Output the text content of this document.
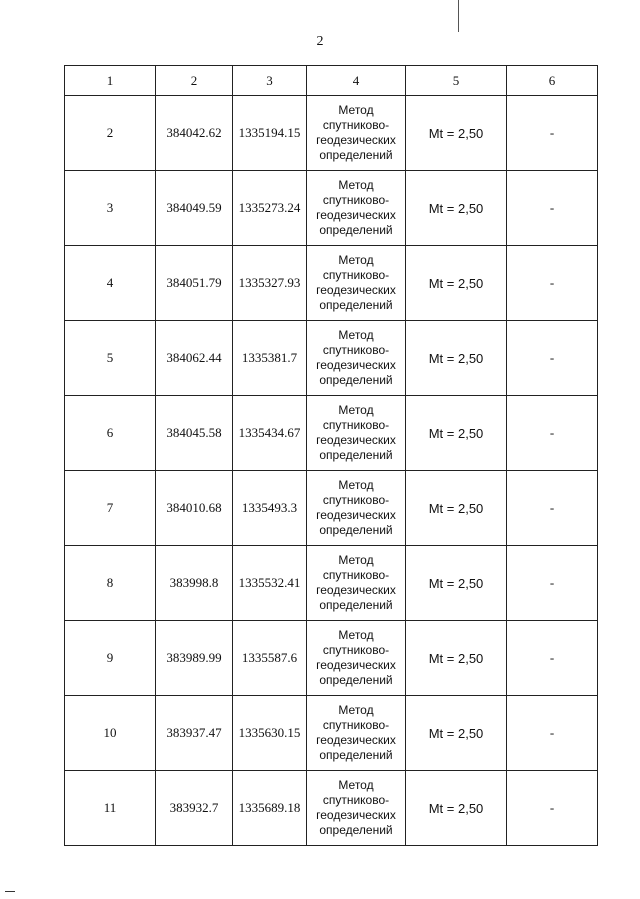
2
1	2	3	4	5	6
2	384042.62	1335194.15	Метод спутниково-геодезических определений	Mt = 2,50	-
3	384049.59	1335273.24	Метод спутниково-геодезических определений	Mt = 2,50	-
4	384051.79	1335327.93	Метод спутниково-геодезических определений	Mt = 2,50	-
5	384062.44	1335381.7	Метод спутниково-геодезических определений	Mt = 2,50	-
6	384045.58	1335434.67	Метод спутниково-геодезических определений	Mt = 2,50	-
7	384010.68	1335493.3	Метод спутниково-геодезических определений	Mt = 2,50	-
8	383998.8	1335532.41	Метод спутниково-геодезических определений	Mt = 2,50	-
9	383989.99	1335587.6	Метод спутниково-геодезических определений	Mt = 2,50	-
10	383937.47	1335630.15	Метод спутниково-геодезических определений	Mt = 2,50	-
11	383932.7	1335689.18	Метод спутниково-геодезических определений	Mt = 2,50	-
